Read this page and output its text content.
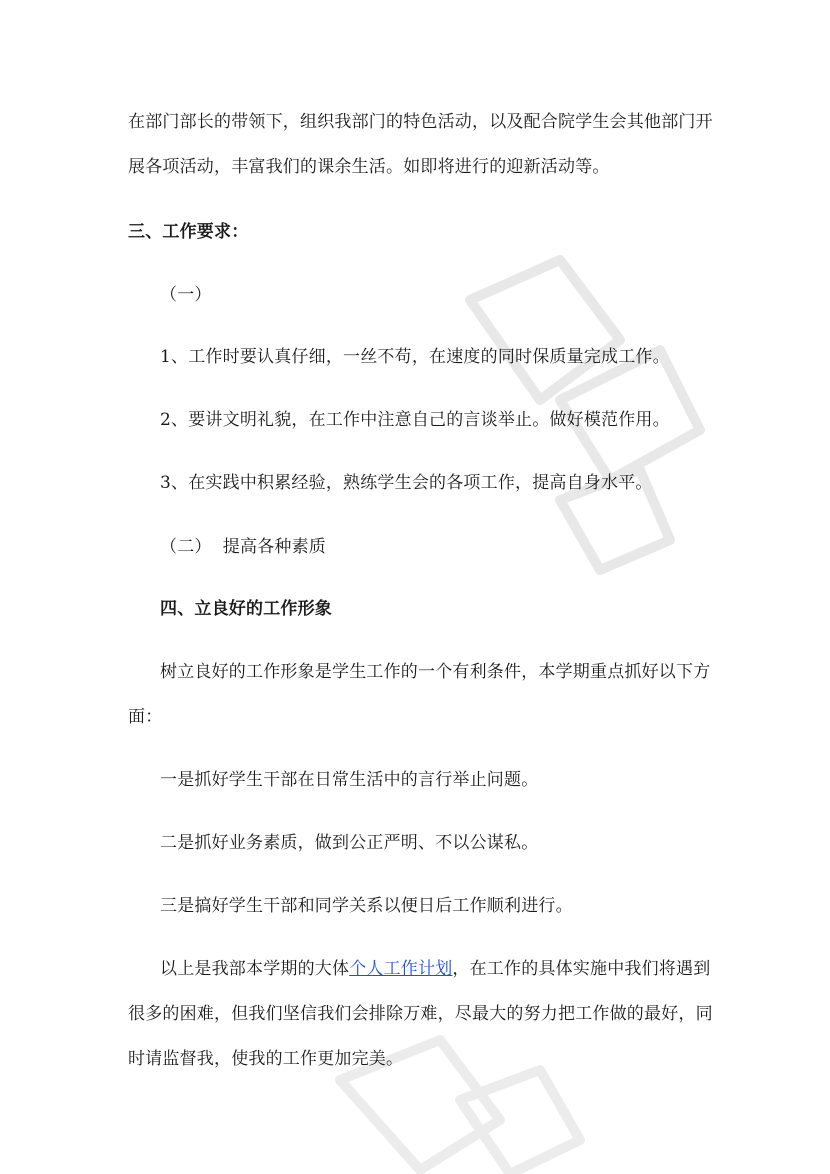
在部门部长的带领下，组织我部门的特色活动，以及配合院学生会其他部门开
展各项活动，丰富我们的课余生活。如即将进行的迎新活动等。
三、工作要求：
（一）
1、工作时要认真仔细，一丝不苟，在速度的同时保质量完成工作。
2、要讲文明礼貌，在工作中注意自己的言谈举止。做好模范作用。
3、在实践中积累经验，熟练学生会的各项工作，提高自身水平。
（二）  提高各种素质
四、立良好的工作形象
树立良好的工作形象是学生工作的一个有利条件，本学期重点抓好以下方
面：
一是抓好学生干部在日常生活中的言行举止问题。
二是抓好业务素质，做到公正严明、不以公谋私。
三是搞好学生干部和同学关系以便日后工作顺利进行。
以上是我部本学期的大体个人工作计划，在工作的具体实施中我们将遇到
很多的困难，但我们坚信我们会排除万难，尽最大的努力把工作做的最好，同
时请监督我，使我的工作更加完美。
